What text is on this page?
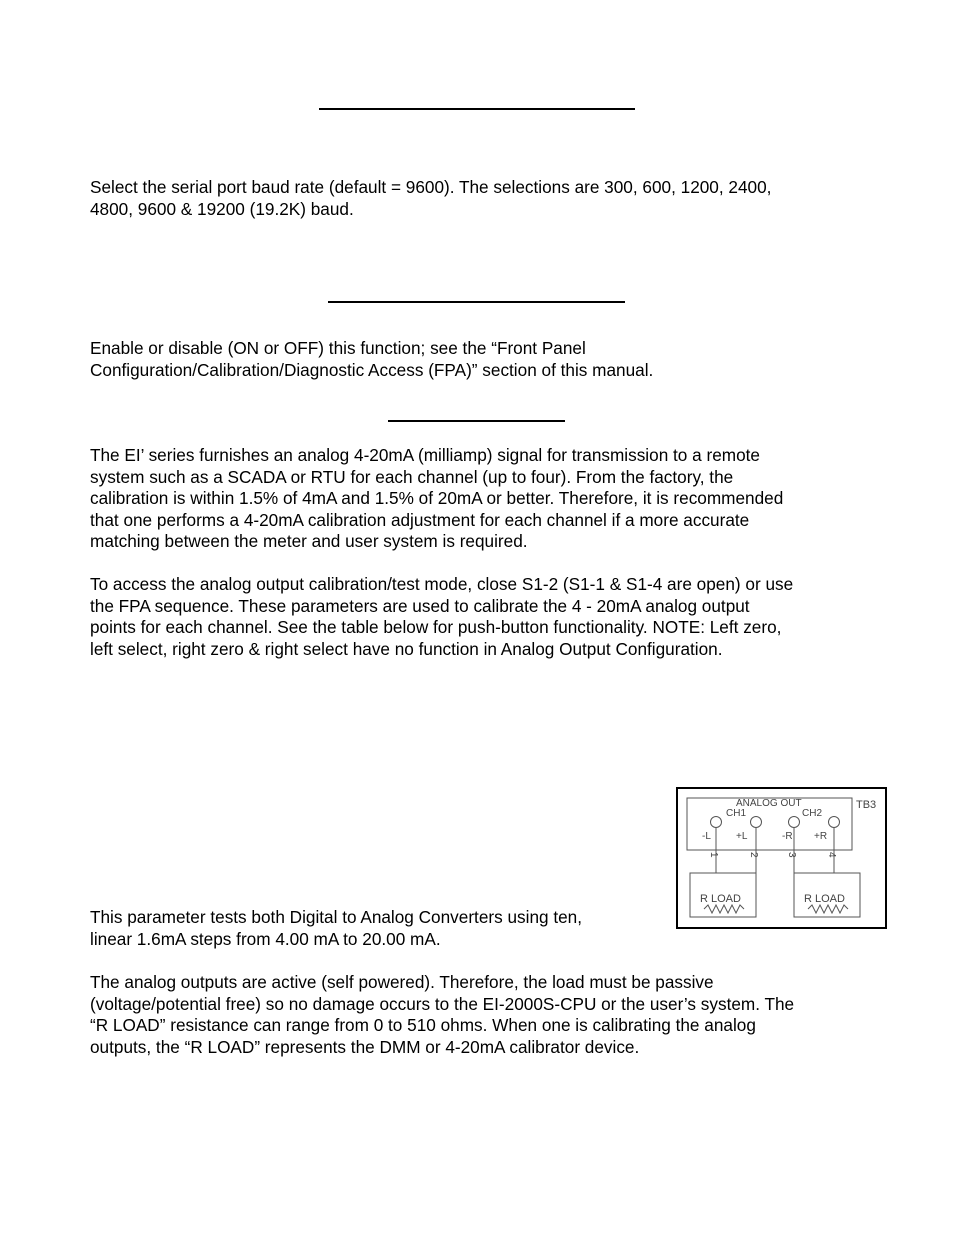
Select the serial port baud rate (default = 9600). The selections are 300, 600, 1200, 2400,
4800, 9600 & 19200 (19.2K) baud.

Enable or disable (ON or OFF) this function; see the “Front Panel
Configuration/Calibration/Diagnostic Access (FPA)” section of this manual.

The EI’ series furnishes an analog 4-20mA (milliamp) signal for transmission to a remote
system such as a SCADA or RTU for each channel (up to four). From the factory, the
calibration is within 1.5% of 4mA and 1.5% of 20mA or better. Therefore, it is recommended
that one performs a 4-20mA calibration adjustment for each channel if a more accurate
matching between the meter and user system is required.

To access the analog output calibration/test mode, close S1-2 (S1-1 & S1-4 are open) or use
the FPA sequence. These parameters are used to calibrate the 4 - 20mA analog output
points for each channel. See the table below for push-button functionality. NOTE: Left zero,
left select, right zero & right select have no function in Analog Output Configuration.

This parameter tests both Digital to Analog Converters using ten,
linear 1.6mA steps from 4.00 mA to 20.00 mA.

The analog outputs are active (self powered). Therefore, the load must be passive
(voltage/potential free) so no damage occurs to the EI-2000S-CPU or the user’s system. The
“R LOAD” resistance can range from 0 to 510 ohms. When one is calibrating the analog
outputs, the “R LOAD” represents the DMM or 4-20mA calibrator device.

TB3
ANALOG OUT
CH1	CH2
-L	+L	-R +R
1	2	3	4
R LOAD	R LOAD
